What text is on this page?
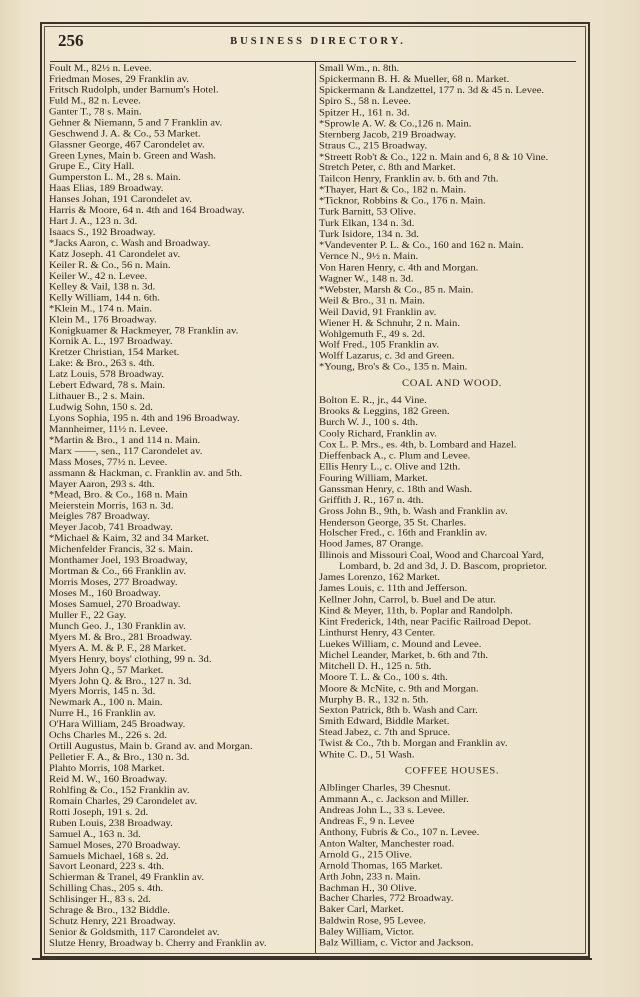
256	BUSINESS DIRECTORY.
Foult M., 82½ n. Levee.
Friedman Moses, 29 Franklin av.
Fritsch Rudolph, under Barnum's Hotel.
Fuld M., 82 n. Levee.
Ganter T., 78 s. Main.
Gehner & Niemann, 5 and 7 Franklin av.
Geschwend J. A. & Co., 53 Market.
Glassner George, 467 Carondelet av.
Green Lynes, Main b. Green and Wash.
Grupe E., City Hall.
Gumperston L. M., 28 s. Main.
Haas Elias, 189 Broadway.
Hanses Johan, 191 Carondelet av.
Harris & Moore, 64 n. 4th and 164 Broadway.
Hart J. A., 123 n. 3d.
Isaacs S., 192 Broadway.
*Jacks Aaron, c. Wash and Broadway.
Katz Joseph. 41 Carondelet av.
Keiler R. & Co., 56 n. Main.
Keiler W., 42 n. Levee.
Kelley & Vail, 138 n. 3d.
Kelly William, 144 n. 6th.
*Klein M., 174 n. Main.
Klein M., 176 Broadway.
Konigkuamer & Hackmeyer, 78 Franklin av.
Kornik A. L., 197 Broadway.
Kretzer Christian, 154 Market.
Lake: & Bro., 263 s. 4th.
Latz Louis, 578 Broadway.
Lebert Edward, 78 s. Main.
Lithauer B., 2 s. Main.
Ludwig Sohn, 150 s. 2d.
Lyons Sophia, 195 n. 4th and 196 Broadway.
Mannheimer, 11½ n. Levee.
*Martin & Bro., 1 and 114 n. Main.
Marx ——, sen., 117 Carondelet av.
Mass Moses, 77½ n. Levee.
assmann & Hackman, c. Franklin av. and 5th.
Mayer Aaron, 293 s. 4th.
*Mead, Bro. & Co., 168 n. Main
Meierstein Morris, 163 n. 3d.
Meigles 787 Broadway.
Meyer Jacob, 741 Broadway.
*Michael & Kaim, 32 and 34 Market.
Michenfelder Francis, 32 s. Main.
Monthamer Joel, 193 Broadway,
Mortman & Co., 66 Franklin av.
Morris Moses, 277 Broadway.
Moses M., 160 Broadway.
Moses Samuel, 270 Broadway.
Muller F., 22 Gay.
Munch Geo. J., 130 Franklin av.
Myers M. & Bro., 281 Broadway.
Myers A. M. & P. F., 28 Market.
Myers Henry, boys' clothing, 99 n. 3d.
Myers John Q., 57 Market.
Myers John Q. & Bro., 127 n. 3d.
Myers Morris, 145 n. 3d.
Newmark A., 100 n. Main.
Nurre H., 16 Franklin av.
O'Hara William, 245 Broadway.
Ochs Charles M., 226 s. 2d.
Ortill Augustus, Main b. Grand av. and Morgan.
Pelletier F. A., & Bro., 130 n. 3d.
Plahto Morris, 108 Market.
Reid M. W., 160 Broadway.
Rohlfing & Co., 152 Franklin av.
Romain Charles, 29 Carondelet av.
Rotti Joseph, 191 s. 2d.
Ruben Louis, 238 Broadway.
Samuel A., 163 n. 3d.
Samuel Moses, 270 Broadway.
Samuels Michael, 168 s. 2d.
Savort Leonard, 223 s. 4th.
Schierman & Tranel, 49 Franklin av.
Schilling Chas., 205 s. 4th.
Schlisinger H., 83 s. 2d.
Schrage & Bro., 132 Biddle.
Schutz Henry, 221 Broadway.
Senior & Goldsmith, 117 Carondelet av.
Slutze Henry, Broadway b. Cherry and Franklin av.
Small Wm., n. 8th.
Spickermann B. H. & Mueller, 68 n. Market.
Spickermann & Landzettel, 177 n. 3d & 45 n. Levee.
Spiro S., 58 n. Levee.
Spitzer H., 161 n. 3d.
*Sprowle A. W. & Co.,126 n. Main.
Sternberg Jacob, 219 Broadway.
Straus C., 215 Broadway.
*Streett Rob't & Co., 122 n. Main and 6, 8 & 10 Vine.
Stretch Peter, c. 8th and Market.
Tailcon Henry, Franklin av. b. 6th and 7th.
*Thayer, Hart & Co., 182 n. Main.
*Ticknor, Robbins & Co., 176 n. Main.
Turk Barnitt, 53 Olive.
Turk Elkan, 134 n. 3d.
Turk Isidore, 134 n. 3d.
*Vandeventer P. L. & Co., 160 and 162 n. Main.
Vernce N., 9½ n. Main.
Von Haren Henry, c. 4th and Morgan.
Wagner W., 148 n. 3d.
*Webster, Marsh & Co., 85 n. Main.
Weil & Bro., 31 n. Main.
Weil David, 91 Franklin av.
Wiener H. & Schnuhr, 2 n. Main.
Wohlgemuth F., 49 s. 2d.
Wolf Fred., 105 Franklin av.
Wolff Lazarus, c. 3d and Green.
*Young, Bro's & Co., 135 n. Main.
COAL AND WOOD.
Bolton E. R., jr., 44 Vine.
Brooks & Leggins, 182 Green.
Burch W. J., 100 s. 4th.
Cooly Richard, Franklin av.
Cox L. P. Mrs., es. 4th, b. Lombard and Hazel.
Dieffenback A., c. Plum and Levee.
Ellis Henry L., c. Olive and 12th.
Fouring William, Market.
Ganssman Henry, c. 18th and Wash.
Griffith J. R., 167 n. 4th.
Gross John B., 9th, b. Wash and Franklin av.
Henderson George, 35 St. Charles.
Holscher Fred., c. 16th and Franklin av.
Hood James, 87 Orange.
Illinois and Missouri Coal, Wood and Charcoal Yard,
Lombard, b. 2d and 3d, J. D. Bascom, proprietor.
James Lorenzo, 162 Market.
James Louis, c. 11th and Jefferson.
Kellner John, Carrol, b. Buel and De atur.
Kind & Meyer, 11th, b. Poplar and Randolph.
Kint Frederick, 14th, near Pacific Railroad Depot.
Linthurst Henry, 43 Center.
Luekes William, c. Mound and Levee.
Michel Leander, Market, b. 6th and 7th.
Mitchell D. H., 125 n. 5th.
Moore T. L. & Co., 100 s. 4th.
Moore & McNite, c. 9th and Morgan.
Murphy B. R., 132 n. 5th.
Sexton Patrick, 8th b. Wash and Carr.
Smith Edward, Biddle Market.
Stead Jabez, c. 7th and Spruce.
Twist & Co., 7th b. Morgan and Franklin av.
White C. D., 51 Wash.
COFFEE HOUSES.
Alblinger Charles, 39 Chesnut.
Ammann A., c. Jackson and Miller.
Andreas John L., 33 s. Levee.
Andreas F., 9 n. Levee
Anthony, Fubris & Co., 107 n. Levee.
Anton Walter, Manchester road.
Arnold G., 215 Olive.
Arnold Thomas, 165 Market.
Arth John, 233 n. Main.
Bachman H., 30 Olive.
Bacher Charles, 772 Broadway.
Baker Carl, Market.
Baldwin Rose, 95 Levee.
Baley William, Victor.
Balz William, c. Victor and Jackson.
